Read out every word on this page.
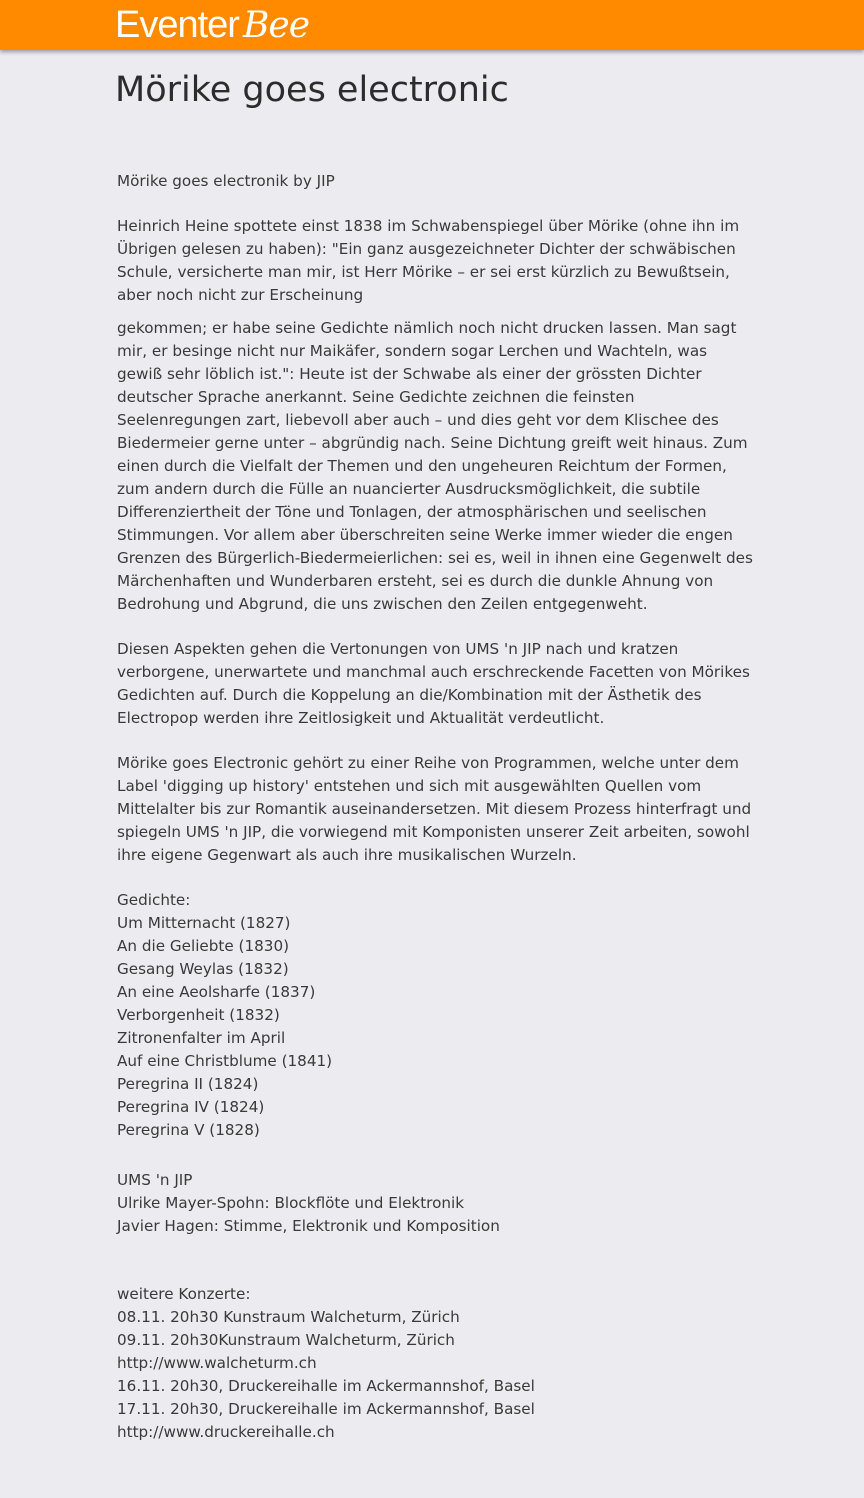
Eventer Bee
Mörike goes electronic

Mörike goes electronik by JIP

Heinrich Heine spottete einst 1838 im Schwabenspiegel über Mörike (ohne ihn im Übrigen gelesen zu haben): "Ein ganz ausgezeichneter Dichter der schwäbischen Schule, versicherte man mir, ist Herr Mörike – er sei erst kürzlich zu Bewußtsein, aber noch nicht zur Erscheinung

gekommen; er habe seine Gedichte nämlich noch nicht drucken lassen. Man sagt mir, er besinge nicht nur Maikäfer, sondern sogar Lerchen und Wachteln, was gewiß sehr löblich ist.": Heute ist der Schwabe als einer der grössten Dichter deutscher Sprache anerkannt. Seine Gedichte zeichnen die feinsten Seelenregungen zart, liebevoll aber auch – und dies geht vor dem Klischee des Biedermeier gerne unter – abgründig nach. Seine Dichtung greift weit hinaus. Zum einen durch die Vielfalt der Themen und den ungeheuren Reichtum der Formen, zum andern durch die Fülle an nuancierter Ausdrucksmöglichkeit, die subtile Differenziertheit der Töne und Tonlagen, der atmosphärischen und seelischen Stimmungen. Vor allem aber überschreiten seine Werke immer wieder die engen Grenzen des Bürgerlich-Biedermeierlichen: sei es, weil in ihnen eine Gegenwelt des Märchenhaften und Wunderbaren ersteht, sei es durch die dunkle Ahnung von Bedrohung und Abgrund, die uns zwischen den Zeilen entgegenweht.

Diesen Aspekten gehen die Vertonungen von UMS 'n JIP nach und kratzen verborgene, unerwartete und manchmal auch erschreckende Facetten von Mörikes Gedichten auf. Durch die Koppelung an die/Kombination mit der Ästhetik des Electropop werden ihre Zeitlosigkeit und Aktualität verdeutlicht.

Mörike goes Electronic gehört zu einer Reihe von Programmen, welche unter dem Label 'digging up history' entstehen und sich mit ausgewählten Quellen vom Mittelalter bis zur Romantik auseinandersetzen. Mit diesem Prozess hinterfragt und spiegeln UMS 'n JIP, die vorwiegend mit Komponisten unserer Zeit arbeiten, sowohl ihre eigene Gegenwart als auch ihre musikalischen Wurzeln.

Gedichte:
Um Mitternacht (1827)
An die Geliebte (1830)
Gesang Weylas (1832)
An eine Aeolsharfe (1837)
Verborgenheit (1832)
Zitronenfalter im April
Auf eine Christblume (1841)
Peregrina II (1824)
Peregrina IV (1824)
Peregrina V (1828)
UMS 'n JIP
Ulrike Mayer-Spohn: Blockflöte und Elektronik
Javier Hagen: Stimme, Elektronik und Komposition
weitere Konzerte:
08.11. 20h30 Kunstraum Walcheturm, Zürich
09.11. 20h30Kunstraum Walcheturm, Zürich
http://www.walcheturm.ch
16.11. 20h30, Druckereihalle im Ackermannshof, Basel
17.11. 20h30, Druckereihalle im Ackermannshof, Basel
http://www.druckereihalle.ch
